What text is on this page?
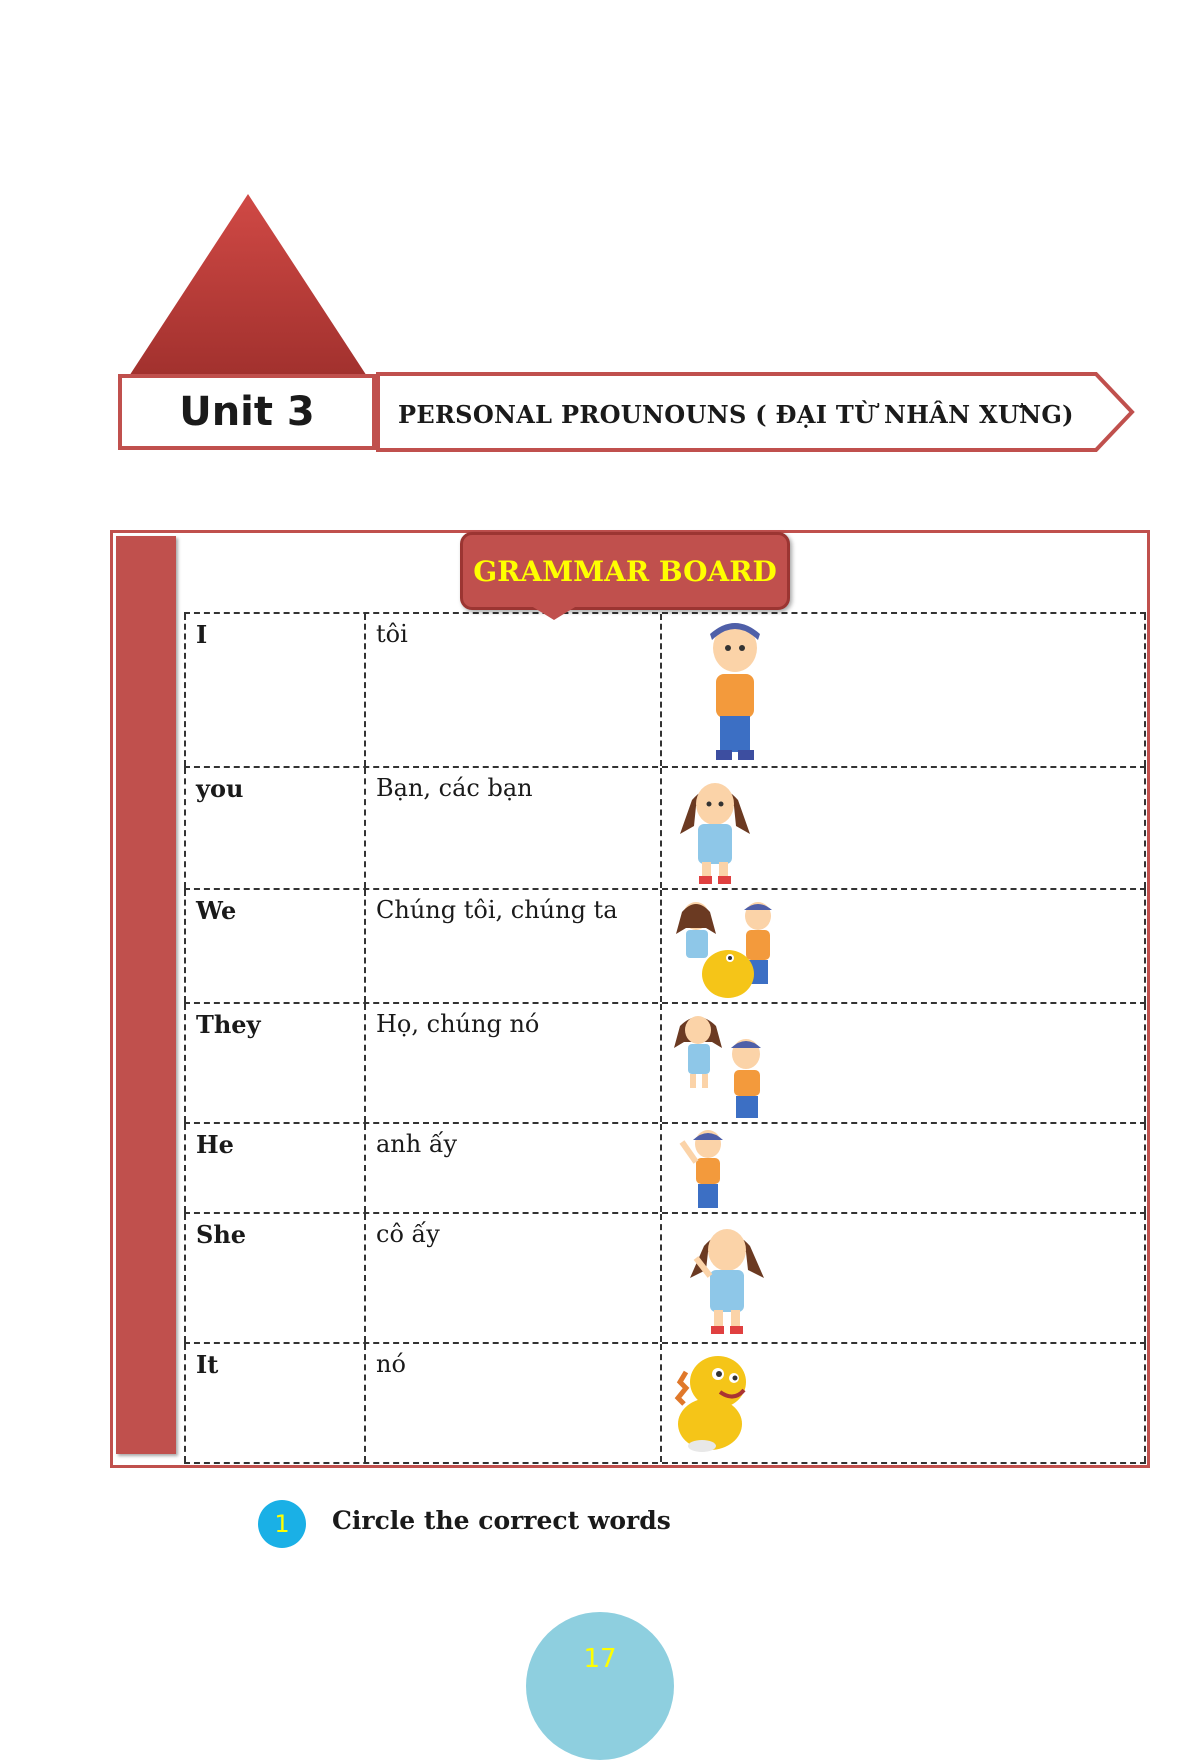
Unit 3	PERSONAL PROUNOUNS ( ĐẠI TỪ NHÂN XƯNG)
I	tôi
you	Bạn, các bạn
We	Chúng tôi, chúng ta
They	Họ, chúng nó
He	anh ấy
She	cô ấy
It	nó
GRAMMAR BOARD
1 Circle the correct words
17
